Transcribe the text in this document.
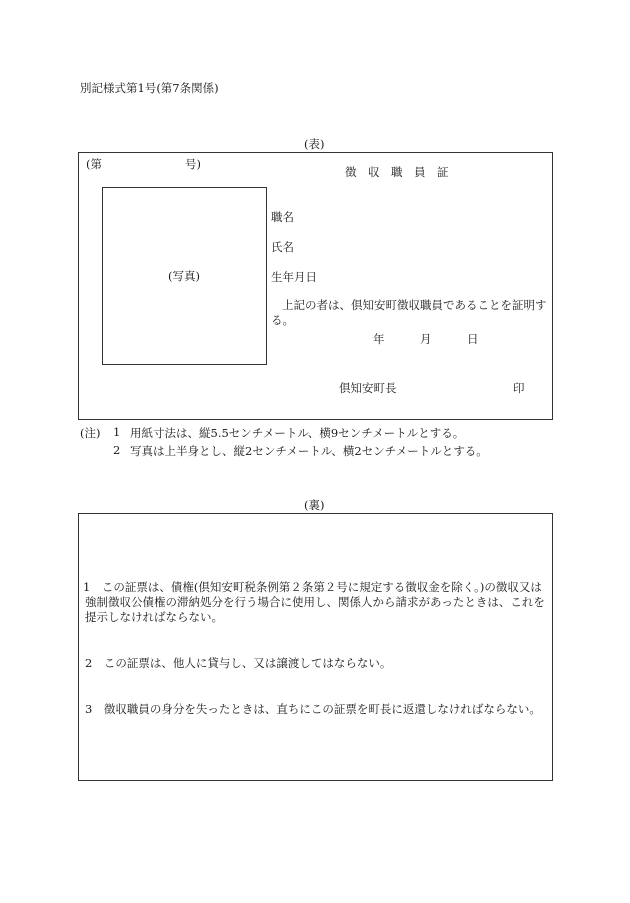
別記様式第1号(第7条関係)
(表)
(第	号)
徴　収　職　員　証
(写真)
職名
氏名
生年月日
上記の者は、倶知安町徴収職員であることを証明する。
年	月	日
倶知安町長	印
(注) 1 用紙寸法は、縦5.5センチメートル、横9センチメートルとする。
2 写真は上半身とし、縦2センチメートル、横2センチメートルとする。
(裏)
1　 この証票は、債権(倶知安町税条例第２条第２号に規定する徴収金を除く。)の徴収又は強制徴収公債権の滞納処分を行う場合に使用し、関係人から請求があったときは、これを提示しなければならない。
2　 この証票は、他人に貸与し、又は譲渡してはならない。
3　 徴収職員の身分を失ったときは、直ちにこの証票を町長に返還しなければならない。
